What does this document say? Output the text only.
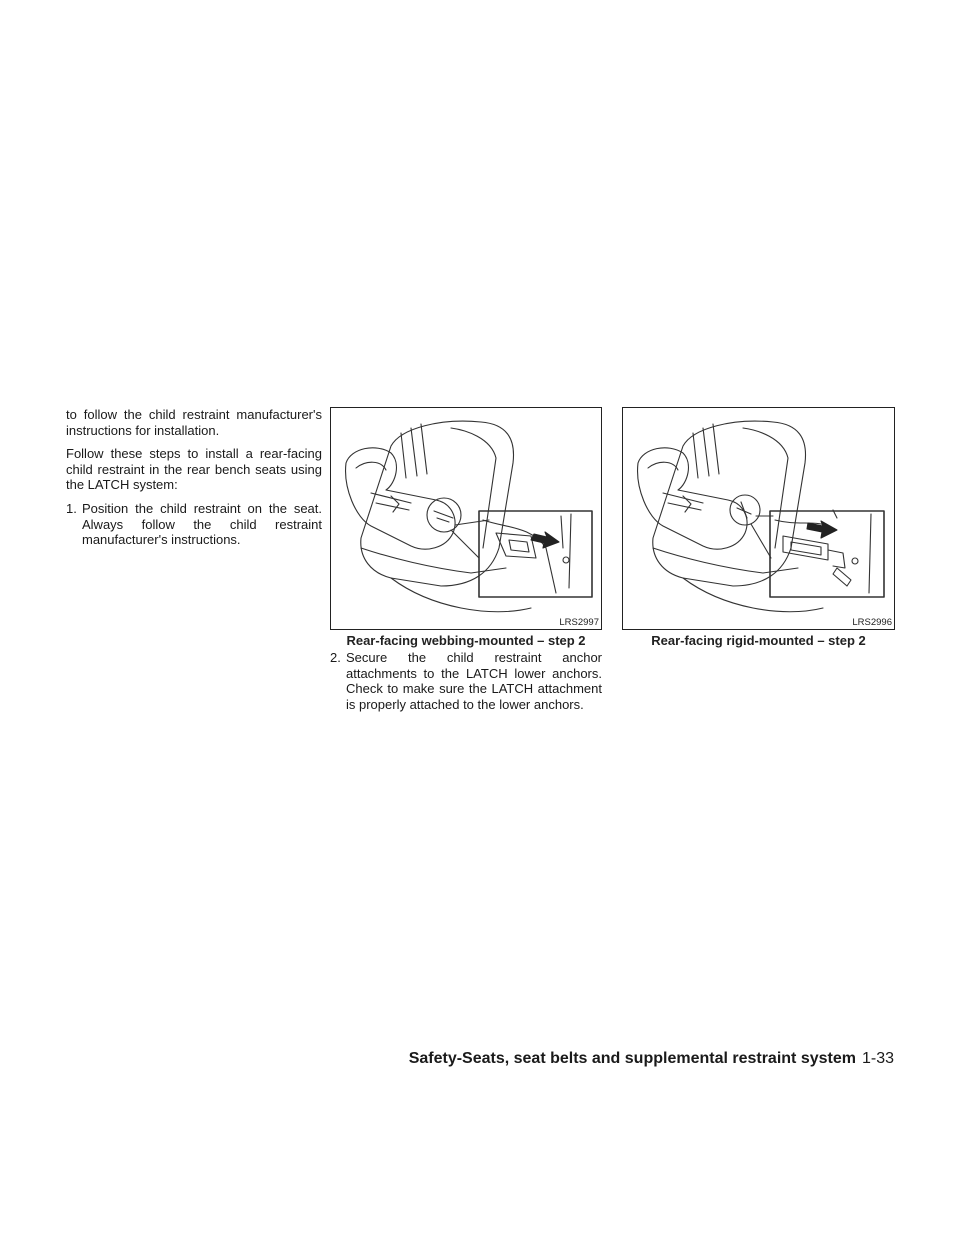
to follow the child restraint manufacturer's instructions for installation.

Follow these steps to install a rear-facing child restraint in the rear bench seats using the LATCH system:

1. Position the child restraint on the seat. Always follow the child restraint manufacturer's instructions.
LRS2997
Rear-facing webbing-mounted – step 2
2. Secure the child restraint anchor attachments to the LATCH lower anchors. Check to make sure the LATCH attachment is properly attached to the lower anchors.
LRS2996
Rear-facing rigid-mounted – step 2
Safety-Seats, seat belts and supplemental restraint system 1-33
